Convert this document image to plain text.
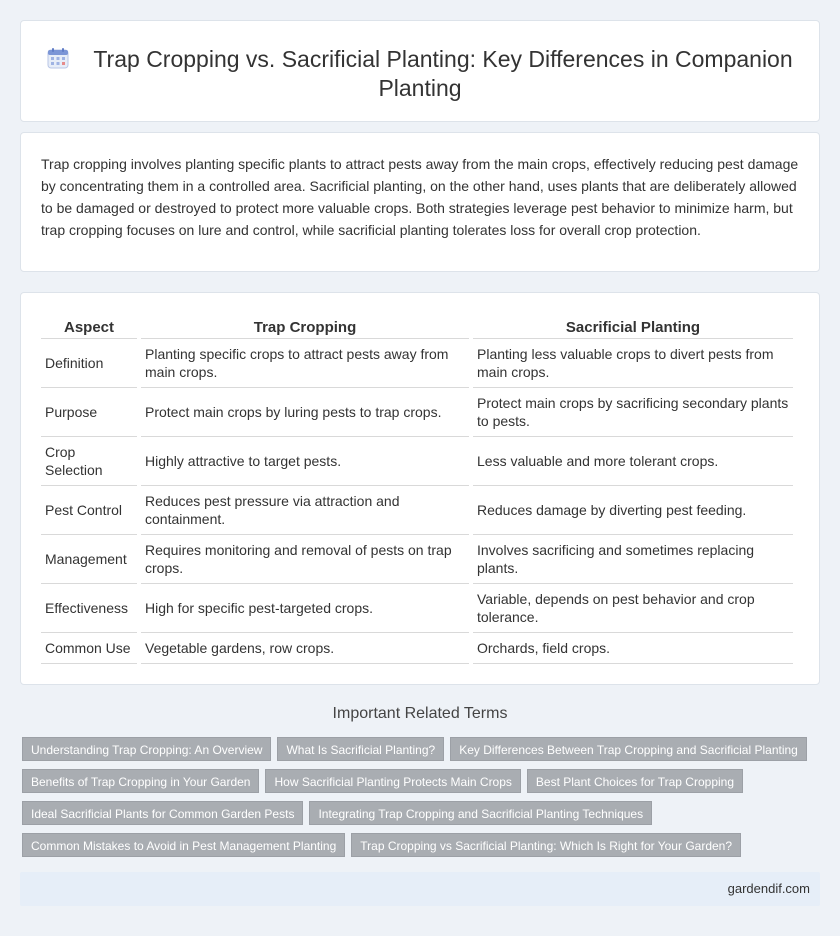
Trap Cropping vs. Sacrificial Planting: Key Differences in Companion Planting

Trap cropping involves planting specific plants to attract pests away from the main crops, effectively reducing pest damage by concentrating them in a controlled area. Sacrificial planting, on the other hand, uses plants that are deliberately allowed to be damaged or destroyed to protect more valuable crops. Both strategies leverage pest behavior to minimize harm, but trap cropping focuses on lure and control, while sacrificial planting tolerates loss for overall crop protection.

Aspect	Trap Cropping	Sacrificial Planting
Definition	Planting specific crops to attract pests away from main crops.	Planting less valuable crops to divert pests from main crops.
Purpose	Protect main crops by luring pests to trap crops.	Protect main crops by sacrificing secondary plants to pests.
Crop Selection	Highly attractive to target pests.	Less valuable and more tolerant crops.
Pest Control	Reduces pest pressure via attraction and containment.	Reduces damage by diverting pest feeding.
Management	Requires monitoring and removal of pests on trap crops.	Involves sacrificing and sometimes replacing plants.
Effectiveness	High for specific pest-targeted crops.	Variable, depends on pest behavior and crop tolerance.
Common Use	Vegetable gardens, row crops.	Orchards, field crops.
Important Related Terms
Understanding Trap Cropping: An Overview	What Is Sacrificial Planting?	Key Differences Between Trap Cropping and Sacrificial Planting
Benefits of Trap Cropping in Your Garden	How Sacrificial Planting Protects Main Crops	Best Plant Choices for Trap Cropping
Ideal Sacrificial Plants for Common Garden Pests	Integrating Trap Cropping and Sacrificial Planting Techniques
Common Mistakes to Avoid in Pest Management Planting	Trap Cropping vs Sacrificial Planting: Which Is Right for Your Garden?
gardendif.com
